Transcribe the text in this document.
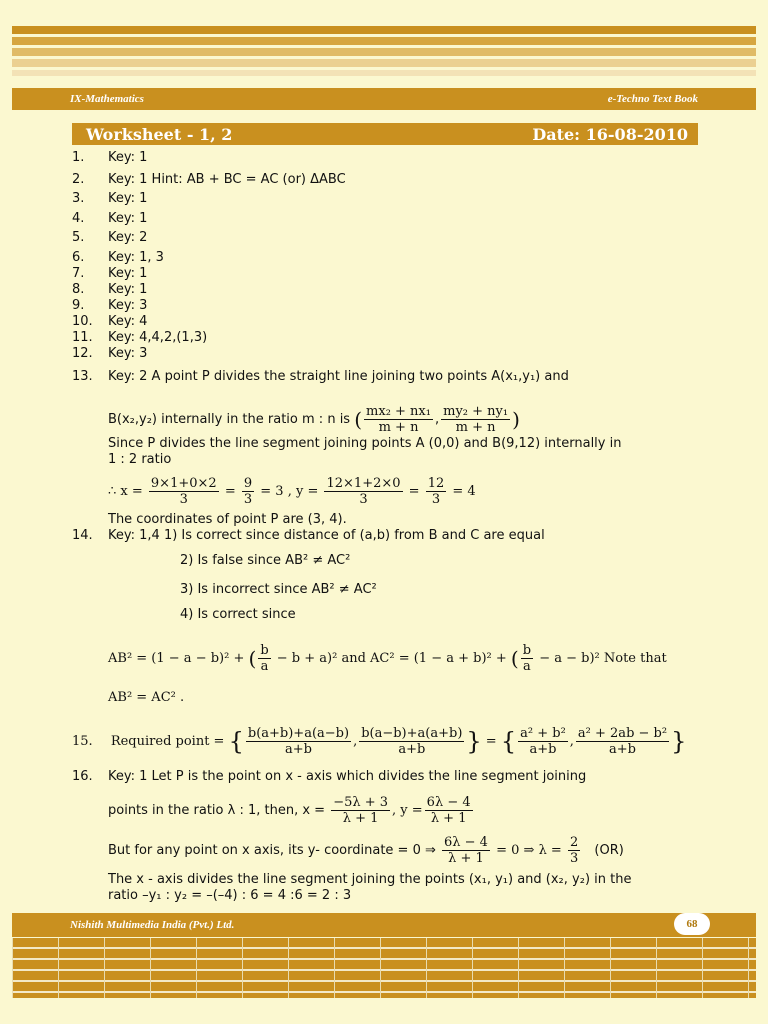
IX-Mathematics	e-Techno Text Book
Worksheet - 1, 2	Date: 16-08-2010
1. Key: 1
2. Key: 1 Hint: AB + BC = AC (or) ΔABC
3. Key: 1
4. Key: 1
5. Key: 2
6. Key: 1, 3
7. Key: 1
8. Key: 1
9. Key: 3
10. Key: 4
11. Key: 4,4,2,(1,3)
12. Key: 3
13. Key: 2 A point P divides the straight line joining two points A(x₁,y₁) and
B(x₂,y₂) internally in the ratio m : n is ( $\frac{\text{mx₂ + nx₁}}{m + n}$ , $\frac{\text{my₂ + ny₁}}{m + n}$ )
Since P divides the line segment joining points A (0,0) and B(9,12) internally in
1 : 2 ratio
∴ $x = \frac{9\times 1+0\times 2}{3} = \frac{9}{3} = 3$ , $y = \frac{12\times 1+2\times 0}{3} = \frac{12}{3} = 4$
The coordinates of point P are (3, 4).
14. Key: 1,4 1) Is correct since distance of (a,b) from B and C are equal
2) Is false since AB² ≠ AC²
3) Is incorrect since AB² ≠ AC²
4) Is correct since
AB² = (1 − a − b)² + ( $\frac{b}{a} - b + a)^2$ and AC² = (1 − a + b)² + ( $\frac{b}{a} - a - b)^2$ Note that
AB² = AC² .
15. Required point = { $\frac{b(a+b)+a(a-b)}{a+b}$ , $\frac{b(a-b)+a(a+b)}{a+b}$ } = { $\frac{\text{a² + b²}}{a+b}$ , $\frac{\text{a² + 2ab − b²}}{a+b}$ }
16. Key: 1 Let P is the point on x - axis which divides the line segment joining
points in the ratio λ : 1, then, $x = \frac{-5\lambda + 3}{\lambda + 1}$ , $y = \frac{6\lambda - 4}{\lambda + 1}$
But for any point on x axis, its y- coordinate = 0 ⇒ $\frac{6\lambda - 4}{\lambda + 1} = 0$ ⇒ $\lambda = \frac{2}{3} (OR)$
The x - axis divides the line segment joining the points (x₁, y₁) and (x₂, y₂) in the
ratio –y₁ : y₂ = –(–4) : 6 = 4 :6 = 2 : 3
Nishith Multimedia India (Pvt.) Ltd.	68
